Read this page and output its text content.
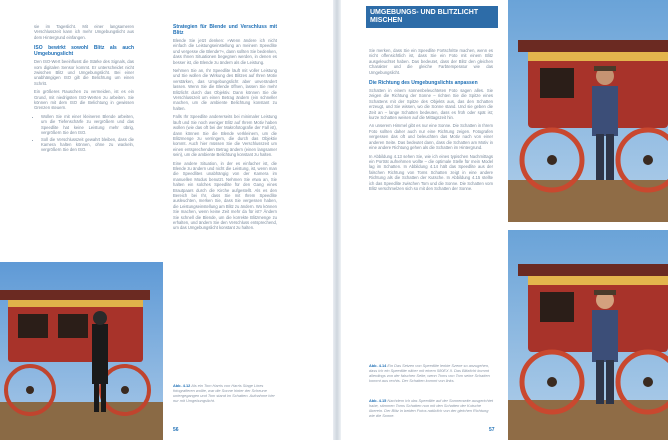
sie im Tageslicht. Mit einer langsameren Verschlusszeit kann ich mehr Umgebungslicht aus dem Hintergrund einfangen.

ISO bewirkt sowohl Blitz als auch Umgebungslicht

Den ISO-Wert beeinflusst die Stärke des Signals, das vom digitalen Sensor kommt. Er unterscheidet nicht zwischen Blitz und Umgebungslicht. Bei einer unabhängigen ISO gilt die Belichtung um einen Schritt.

Ein größeres Rauschen zu vermeiden, ist es ein Grund, mit niedrigsten ISO-Werten zu arbeiten. Sie können mit dem ISO die Belichtung in gewissen Grenzen steuern.

• Wollen Sie mit einer kleineren Blende arbeiten, um die Tiefenschärfe zu vergrößern und das Speedlite hat keine Leistung mehr übrig, vergrößern Sie den ISO.
• Soll die Verschlusszeit gewahrt bleiben, dass die Kamera halten können, ohne zu wackeln, vergrößern Sie den ISO.
Strategien für Blende und Verschluss mit Blitz

Blende Sie jetzt denken: »Wenn ändere ich nicht einfach die Leistungseinstellung an meinem Speedlite und vergesse die Blende?«, dann sollten Sie bedenken, dass Ihnen Situationen begegnen werden, in denen es besser ist, die Blende zu ändern als die Leistung.

Nehmen Sie an, Ihr Speedlite läuft mit voller Leistung und Sie wollen die Wirkung des Blitzes auf Ihren Motiv verstärken, das Umgebungslicht aber unverändert lassen. Wenn Sie die Blende öffnen, lassen Sie mehr Blitzlicht durch das Objektiv. Dann können Sie die Verschlusszeit um einen Betrag ändern (ein schneller machen, um die ambiente Belichtung konstant zu halten.

Falls Ihr Speedlite andererseits bei minimaler Leistung läuft und Sie noch weniger Blitz auf Ihrem Motiv haben wollen (wie das oft bei der Makrofotografie der Fall ist), dann können Sie die Blende verkleinern, um die Blitzmenge zu verringern, die durch das Objektiv kommt. Auch hier müssen Sie die Verschlusszeit um einen entsprechenden Betrag ändern (einen langsamer sein), um die ambiente Belichtung konstant zu halten.

Eine andere Situation, in der es einfacher ist, die Blende zu ändern und nicht die Leistung, ist, wenn man die Speedlites unabhängig von der Kamera im manuellen Modus benutzt. Nehmen Sie etwa an, Sie halten ein solches Speedlite für den Gang eines Brautpaars durch die Kirche aufgestellt. Als es den Bereich bei Ihr, dass Sie mit Ihrem Speedlite ausleuchten, merken Sie, dass Sie vergessen haben, die Leistungseinstellung am Blitz zu ändern. Wo können Sie machen, wenn keine Zeit mehr da für ist? Ändern Sie schnell die Blende, um die korrekte Blitzmenge zu erhalten, und ändern Sie den Verschluss entsprechend, um das Umgebungslicht konstant zu halten.

Abb. 4.12 Als ein Tom Harris von Harris Stage Lines fotografieren wollte, war die Sonne hinter der Scheune untergegangen und Tom stand im Schatten. Aufnahme hier nur mit Umgebungslicht.
56
UMGEBUNGS- UND BLITZLICHT MISCHEN

Sie merken, dass Sie ein Speedlite Fortschritte machen, wenn es nicht offensichtlich ist, dass Sie ein Foto mit einem Blitz ausgeleuchtet haben. Das bedeutet, dass der Blitz den gleichen Charakter und die gleiche Farbtemperatur wie das Umgebungslicht.

Die Richtung des Umgebungslichts anpassen

Schatten in einem sonnenbeleuchteten Foto sagen alles. Sie zeigen die Richtung der Sonne – richten Sie die Spitze eines Schattens mit der Spitze des Objekts aus, das den Schatten erzeugt, und Sie wissen, wo die Sonne stand. Und sie geben die Zeit an – lange Schatten bedeuten, dass es früh oder spät ist; kurze Schatten weisen auf die Mittagszeit hin.

An unserem Himmel gibt es nur eine Sonne. Die Schatten in Ihrem Foto sollten daher auch nur eine Richtung zeigen. Fotografen vergessen das oft und beleuchten das Motiv nach von einer anderen Seite. Das bedeutet dann, dass die Schatten am Motiv in eine andere Richtung gehen als die Schatten im Hintergrund.

In Abbildung 4.13 sehen Sie, wie ich eines typischen Nachmittags ein Porträt aufnehmen wollte – die optimale Stelle für mein Model lag im Schatten. In Abbildung 4.14 hält das Speedlite aus der falschen Richtung von Toms Schatten zeigt in eine andere Richtung als die Schatten der Kutsche. In Abbildung 4.15 stellte ich das Speedlite zwischen Tom und die Sonne. Die Schatten vom Blitz verschmelzen sich so mit den Schatten der Sonne.

Abb. 4.14 Ein Das Setzen von Speedlite lenkte Szene so anzugehen, dass ich ein Speedlite näher mit einem 580EX II. Das Blitzlicht kommt allerdings von der falschen Seite, wenn Toms von Tom seine Schatten kommt aus rechts. Der Schatten kommt von links.
Abb. 4.15 Nachdem ich das Speedlite auf der Sonnenseite ausgerichtet habe, stimmen Toms Schatten nun mit den Schatten der Kutsche überein. Der Blitz in beiden Fotos natürlich von der gleichen Richtung wie die Sonne.
57
